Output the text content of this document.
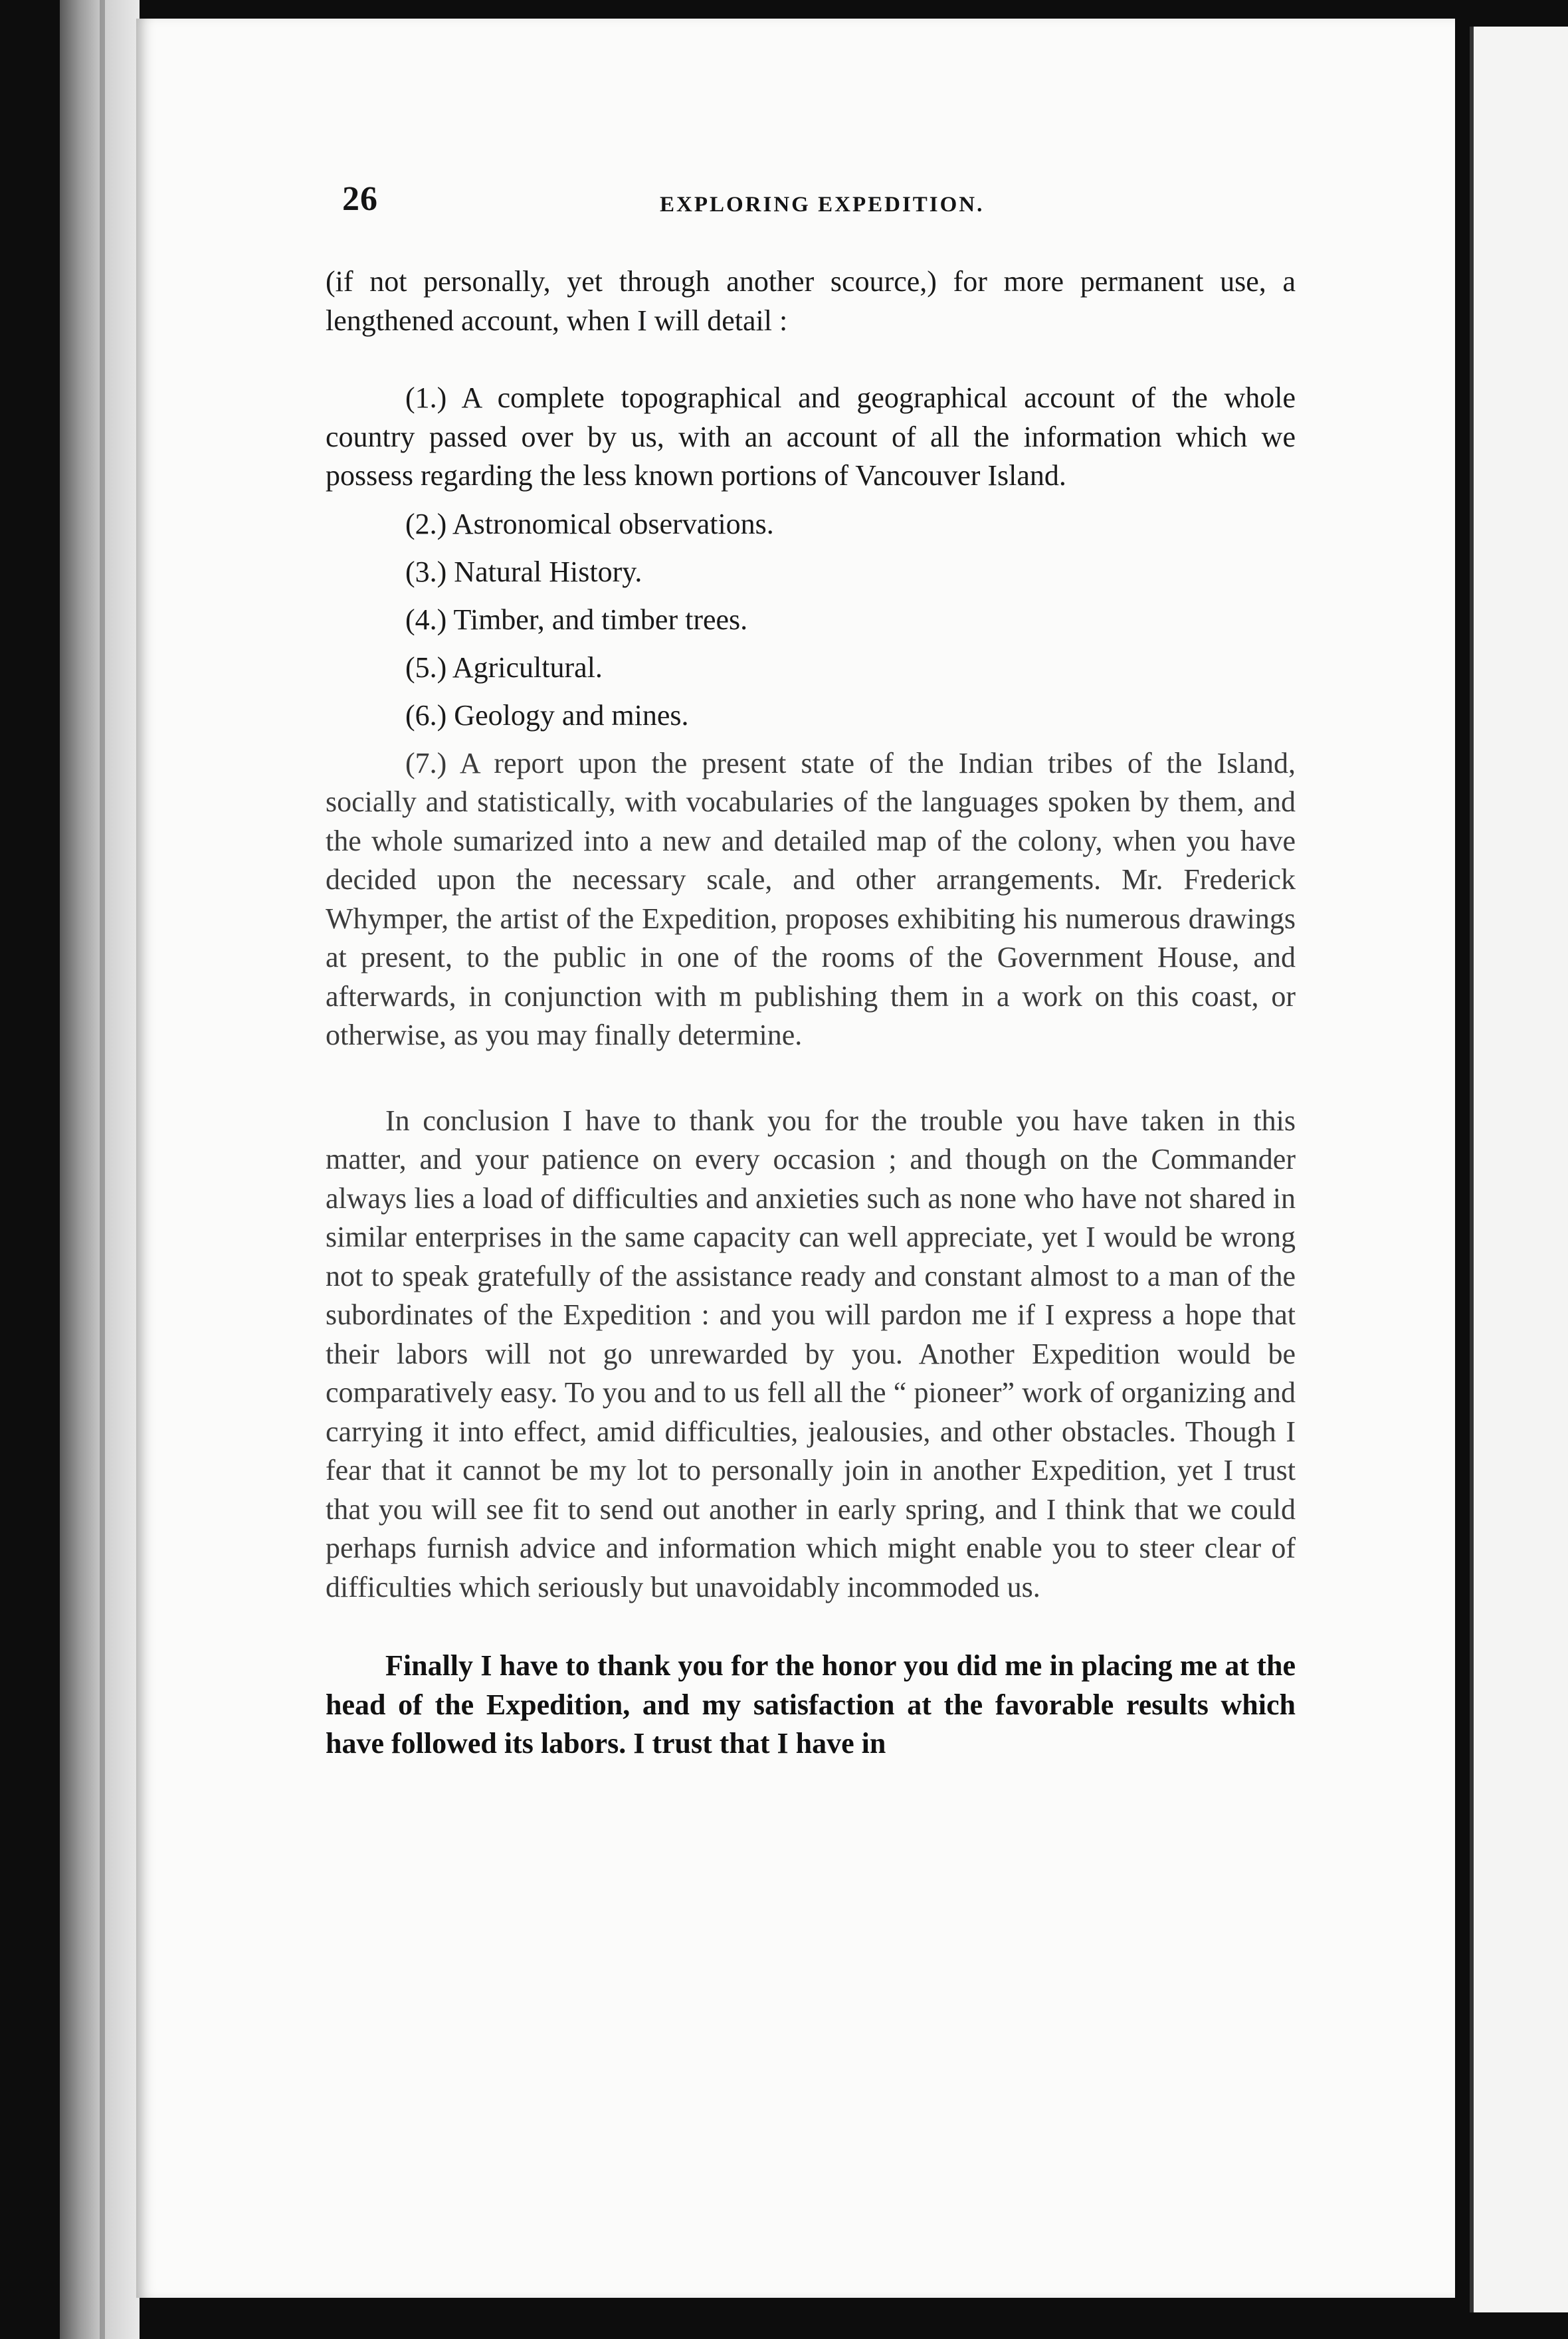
26	EXPLORING EXPEDITION.

(if not personally, yet through another scource,) for more permanent use, a lengthened account, when I will detail :

(1.) A complete topographical and geographical account of the whole country passed over by us, with an account of all the information which we possess regarding the less known portions of Vancouver Island.

(2.) Astronomical observations.

(3.) Natural History.

(4.) Timber, and timber trees.

(5.) Agricultural.

(6.) Geology and mines.

(7.) A report upon the present state of the Indian tribes of the Island, socially and statistically, with vocabularies of the languages spoken by them, and the whole sumarized into a new and detailed map of the colony, when you have decided upon the necessary scale, and other arrangements. Mr. Frederick Whymper, the artist of the Expedition, proposes exhibiting his numerous drawings at present, to the public in one of the rooms of the Government House, and afterwards, in conjunction with m publishing them in a work on this coast, or otherwise, as you may finally determine.

In conclusion I have to thank you for the trouble you have taken in this matter, and your patience on every occasion ; and though on the Commander always lies a load of difficulties and anxieties such as none who have not shared in similar enterprises in the same capacity can well appreciate, yet I would be wrong not to speak gratefully of the assistance ready and constant almost to a man of the subordinates of the Expedition : and you will pardon me if I express a hope that their labors will not go unrewarded by you. Another Expedition would be comparatively easy. To you and to us fell all the “ pioneer” work of organizing and carrying it into effect, amid difficulties, jealousies, and other obstacles. Though I fear that it cannot be my lot to personally join in another Expedition, yet I trust that you will see fit to send out another in early spring, and I think that we could perhaps furnish advice and information which might enable you to steer clear of difficulties which seriously but unavoidably incommoded us.

Finally I have to thank you for the honor you did me in placing me at the head of the Expedition, and my satisfaction at the favorable results which have followed its labors. I trust that I have in
